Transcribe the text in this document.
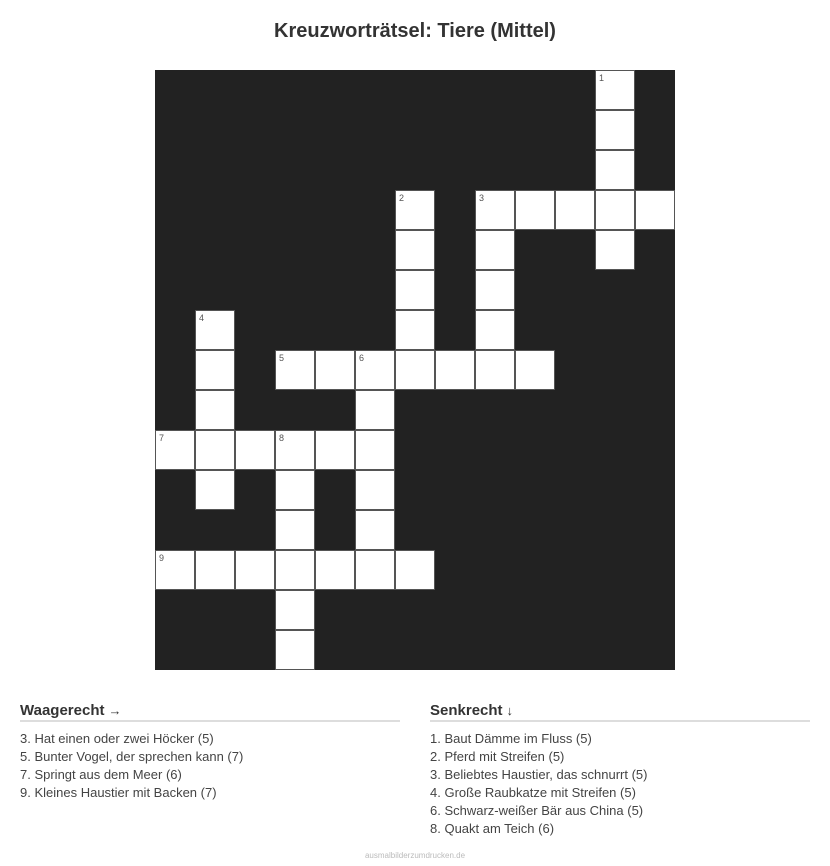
Kreuzworträtsel: Tiere (Mittel)
1
2	3
4
5	6
7	8
9
Waagerecht →
3. Hat einen oder zwei Höcker (5)
5. Bunter Vogel, der sprechen kann (7)
7. Springt aus dem Meer (6)
9. Kleines Haustier mit Backen (7)
Senkrecht ↓
1. Baut Dämme im Fluss (5)
2. Pferd mit Streifen (5)
3. Beliebtes Haustier, das schnurrt (5)
4. Große Raubkatze mit Streifen (5)
6. Schwarz-weißer Bär aus China (5)
8. Quakt am Teich (6)
ausmalbilderzumdrucken.de
